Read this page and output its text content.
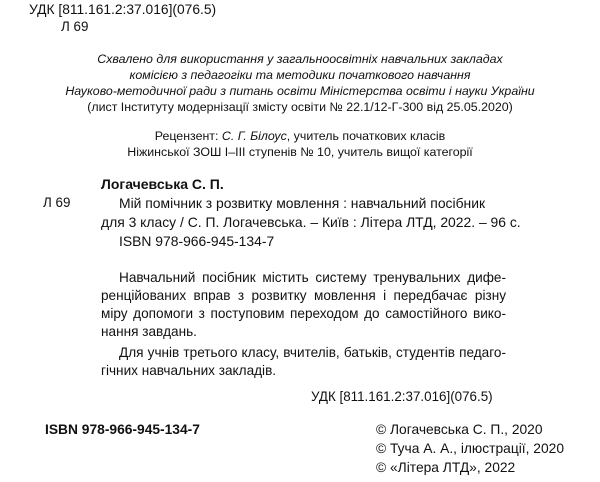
УДК [811.161.2:37.016](076.5)
Л 69
Схвалено для використання у загальноосвітніх навчальних закладах
комісією з педагогіки та методики початкового навчання
Науково-методичної ради з питань освіти Міністерства освіти і науки України
(лист Інституту модернізації змісту освіти № 22.1/12-Г-300 від 25.05.2020)
Рецензент: С. Г. Білоус, учитель початкових класів
Ніжинської ЗОШ І–ІІІ ступенів № 10, учитель вищої категорії
Логачевська С. П.
Л 69	Мій помічник з розвитку мовлення : навчальний посібник
для 3 класу / С. П. Логачевська. – Київ : Літера ЛТД, 2022. – 96 с.
ISBN 978-966-945-134-7
Навчальний посібник містить систему тренувальних дифе-
ренційованих вправ з розвитку мовлення і передбачає різну
міру допомоги з поступовим переходом до самостійного вико-
нання завдань.
Для учнів третього класу, вчителів, батьків, студентів педаго-
гічних навчальних закладів.
УДК [811.161.2:37.016](076.5)
ISBN 978-966-945-134-7	© Логачевська С. П., 2020
© Туча А. А., ілюстрації, 2020
© «Літера ЛТД», 2022
